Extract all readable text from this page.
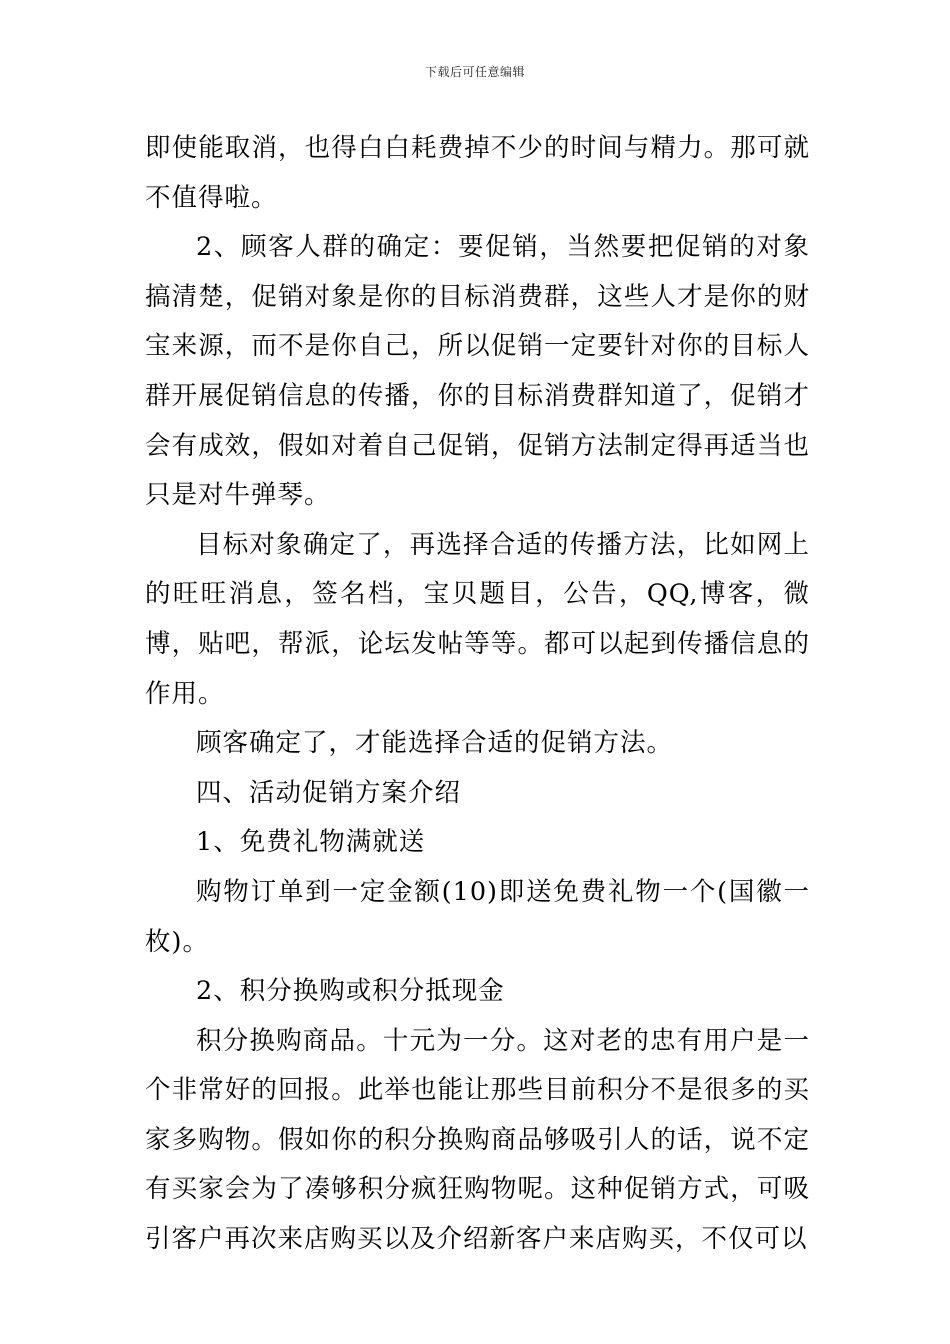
下载后可任意编辑

即使能取消，也得白白耗费掉不少的时间与精力。那可就不值得啦。

2、顾客人群的确定：要促销，当然要把促销的对象搞清楚，促销对象是你的目标消费群，这些人才是你的财宝来源，而不是你自己，所以促销一定要针对你的目标人群开展促销信息的传播，你的目标消费群知道了，促销才会有成效，假如对着自己促销，促销方法制定得再适当也只是对牛弹琴。

目标对象确定了，再选择合适的传播方法，比如网上的旺旺消息，签名档，宝贝题目，公告，QQ,博客，微博，贴吧，帮派，论坛发帖等等。都可以起到传播信息的作用。

顾客确定了，才能选择合适的促销方法。

四、活动促销方案介绍

1、免费礼物满就送

购物订单到一定金额(10)即送免费礼物一个(国徽一枚)。

2、积分换购或积分抵现金

积分换购商品。十元为一分。这对老的忠有用户是一个非常好的回报。此举也能让那些目前积分不是很多的买家多购物。假如你的积分换购商品够吸引人的话，说不定有买家会为了凑够积分疯狂购物呢。这种促销方式，可吸引客户再次来店购买以及介绍新客户来店购买，不仅可以
